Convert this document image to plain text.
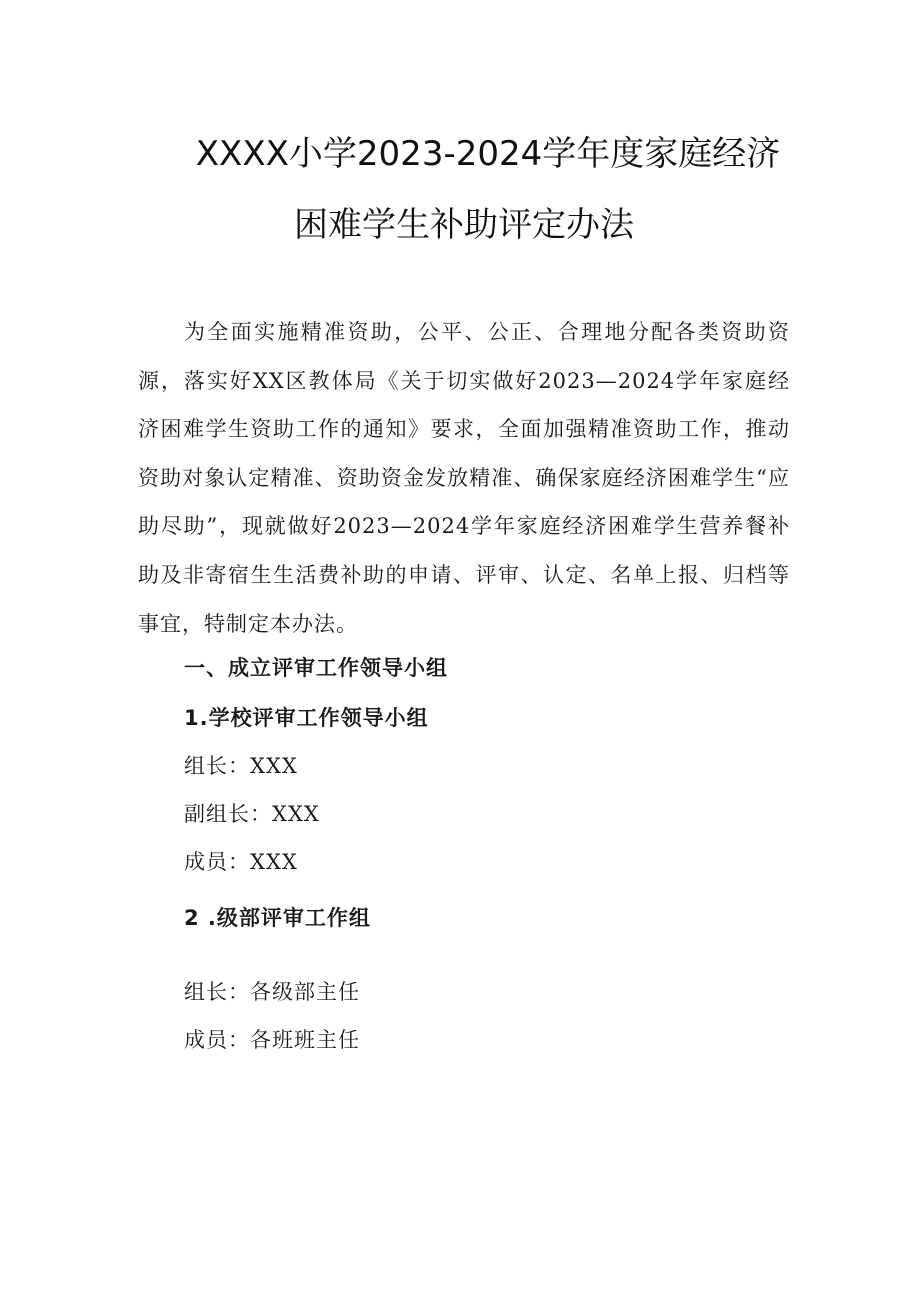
XXXX小学2023-2024学年度家庭经济
困难学生补助评定办法
为全面实施精准资助，公平、公正、合理地分配各类资助资源，落实好XX区教体局《关于切实做好2023—2024学年家庭经济困难学生资助工作的通知》要求，全面加强精准资助工作，推动资助对象认定精准、资助资金发放精准、确保家庭经济困难学生“应助尽助”，现就做好2023—2024学年家庭经济困难学生营养餐补助及非寄宿生生活费补助的申请、评审、认定、名单上报、归档等事宜，特制定本办法。
一、成立评审工作领导小组
1.学校评审工作领导小组
组长：XXX
副组长：XXX
成员：XXX
2 .级部评审工作组
组长：各级部主任
成员：各班班主任
